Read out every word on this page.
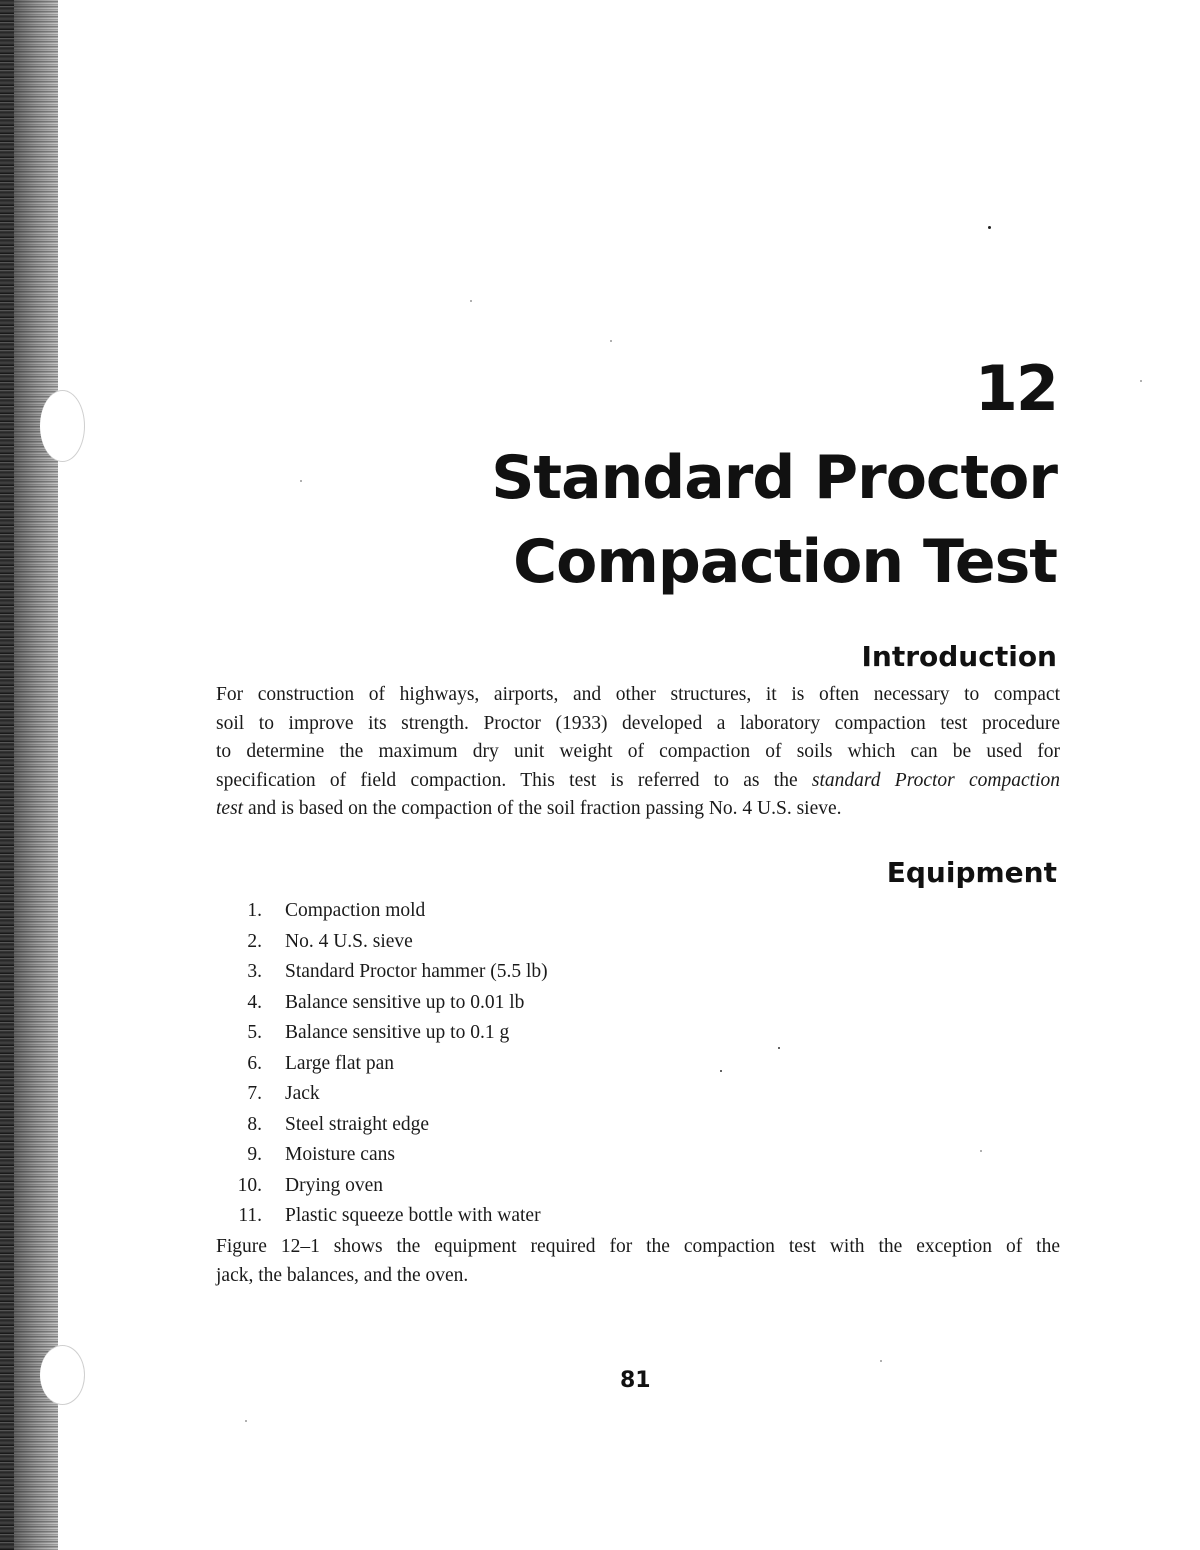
12
Standard Proctor
Compaction Test
Introduction
For construction of highways, airports, and other structures, it is often necessary to compact
soil to improve its strength. Proctor (1933) developed a laboratory compaction test procedure
to determine the maximum dry unit weight of compaction of soils which can be used for
specification of field compaction. This test is referred to as the standard Proctor compaction
test and is based on the compaction of the soil fraction passing No. 4 U.S. sieve.
Equipment
1.	Compaction mold
2.	No. 4 U.S. sieve
3.	Standard Proctor hammer (5.5 lb)
4.	Balance sensitive up to 0.01 lb
5.	Balance sensitive up to 0.1 g
6.	Large flat pan
7.	Jack
8.	Steel straight edge
9.	Moisture cans
10.	Drying oven
11.	Plastic squeeze bottle with water
Figure 12–1 shows the equipment required for the compaction test with the exception of the
jack, the balances, and the oven.
81
